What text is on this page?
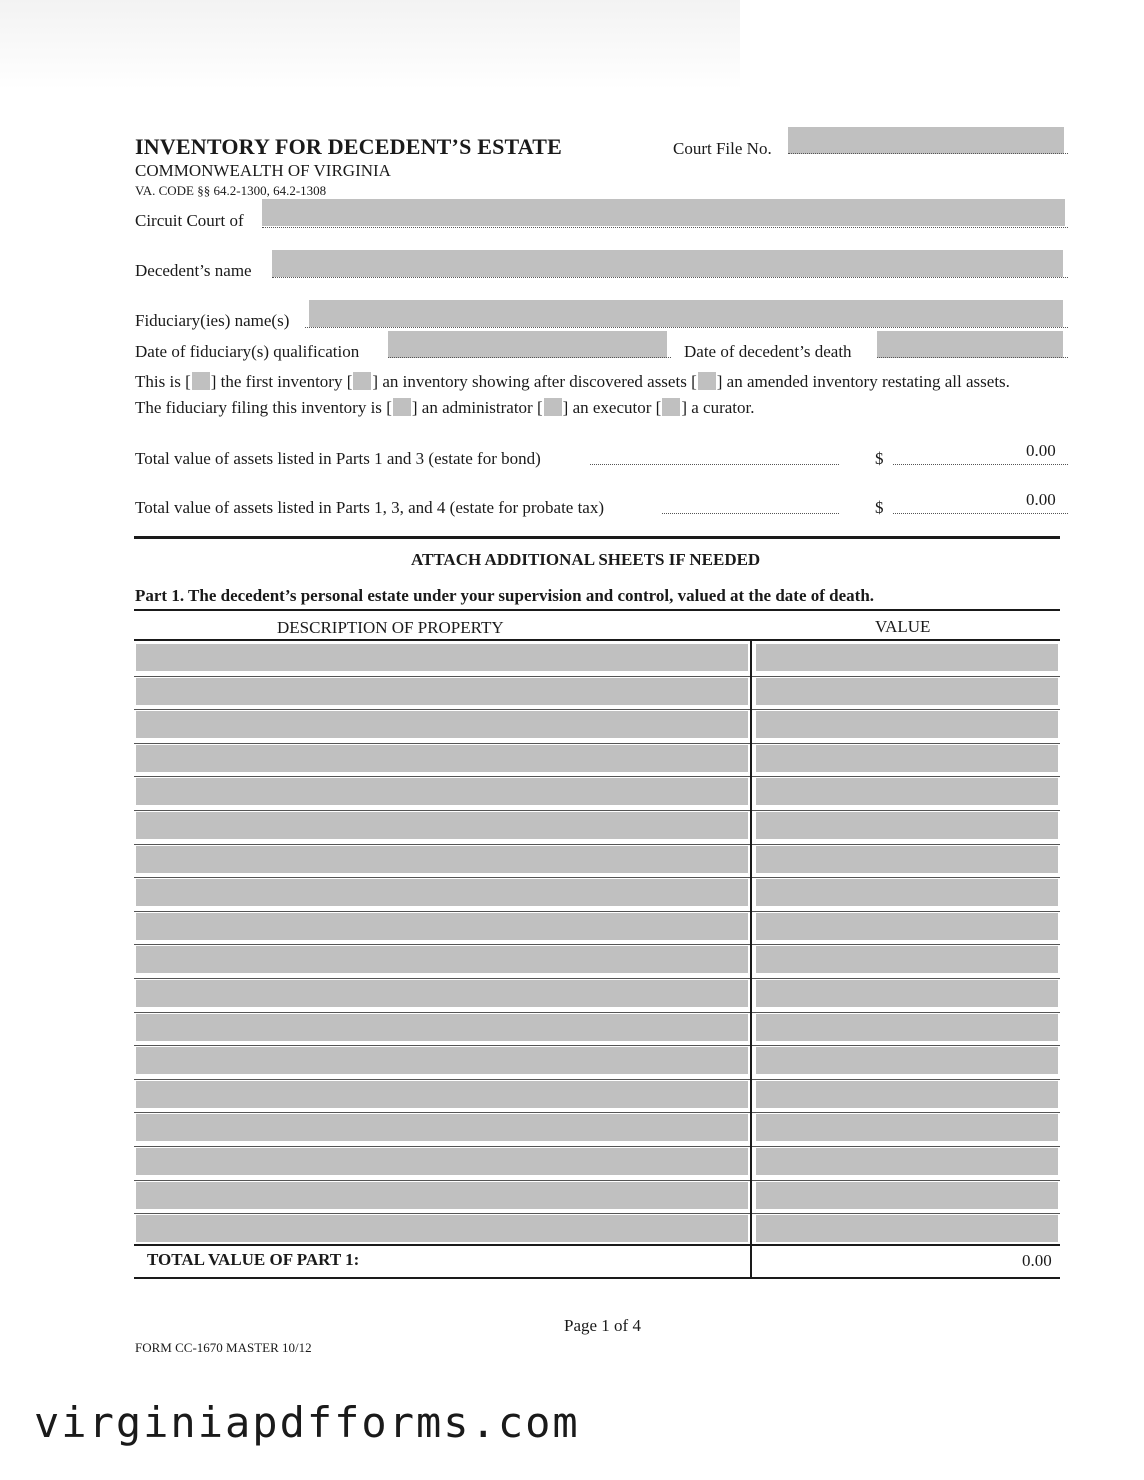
INVENTORY FOR DECEDENT’S ESTATE
COMMONWEALTH OF VIRGINIA
VA. CODE §§ 64.2-1300, 64.2-1308
Court File No.
Circuit Court of
Decedent’s name
Fiduciary(ies) name(s)
Date of fiduciary(s) qualification	Date of decedent’s death
This is [ ] the first inventory [ ] an inventory showing after discovered assets [ ] an amended inventory restating all assets.
The fiduciary filing this inventory is [ ] an administrator [ ] an executor [ ] a curator.
Total value of assets listed in Parts 1 and 3 (estate for bond)	$	0.00
Total value of assets listed in Parts 1, 3, and 4 (estate for probate tax)	$	0.00
ATTACH ADDITIONAL SHEETS IF NEEDED
Part 1. The decedent’s personal estate under your supervision and control, valued at the date of death.
DESCRIPTION OF PROPERTY	VALUE
TOTAL VALUE OF PART 1:	0.00
Page 1 of 4
FORM CC-1670 MASTER 10/12
virginiapdfforms.com
